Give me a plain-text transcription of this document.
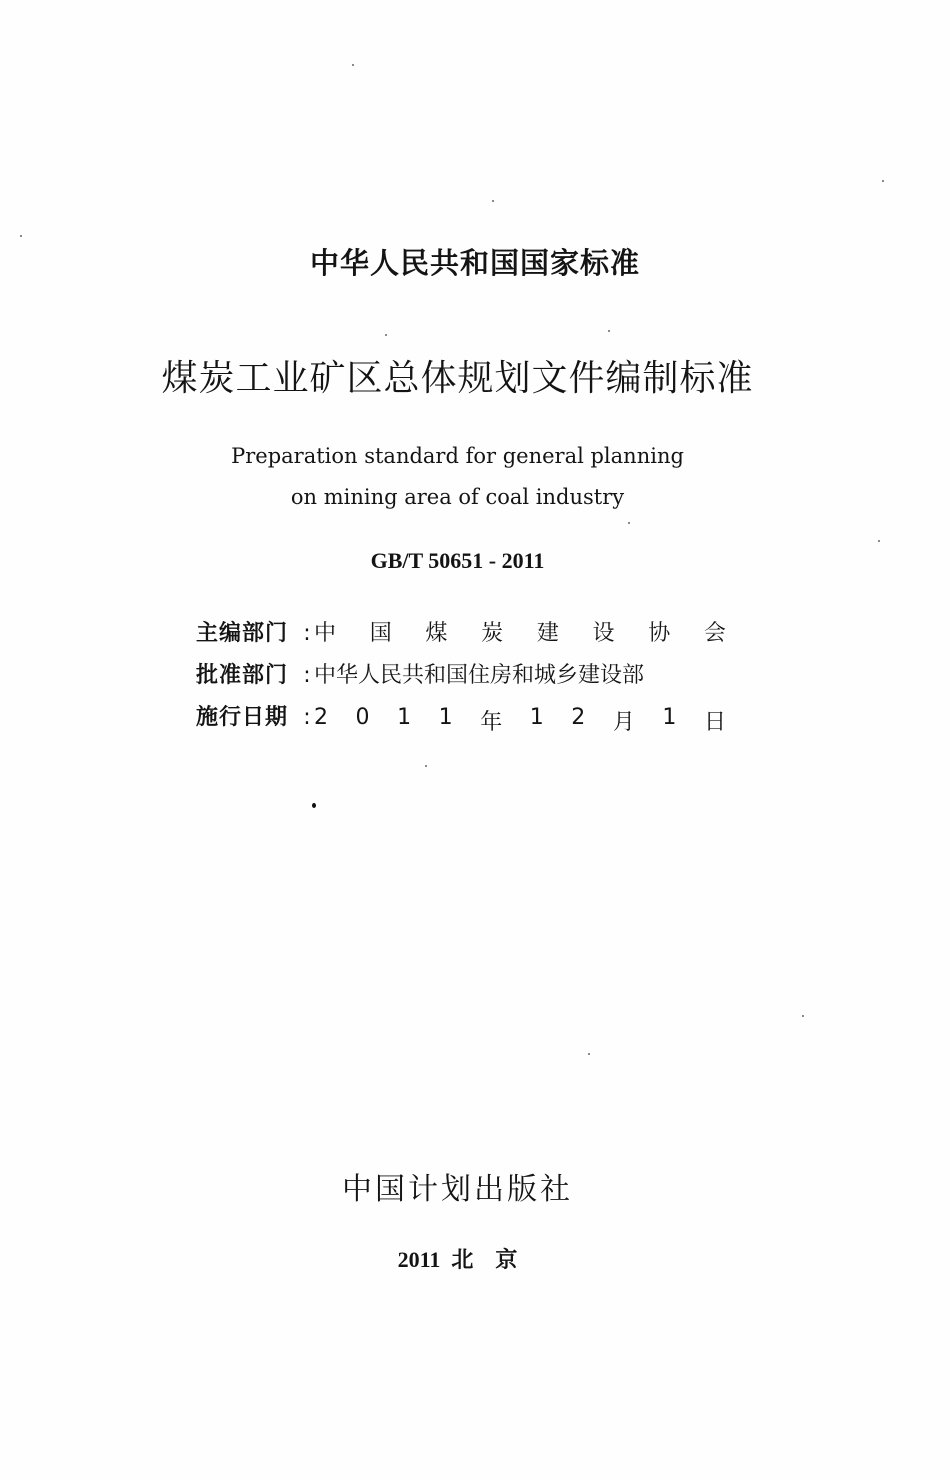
中华人民共和国国家标准
煤炭工业矿区总体规划文件编制标准
Preparation standard for general planning
on mining area of coal industry
GB/T 50651 - 2011
主编部门 : 中 国 煤 炭 建 设 协 会
批准部门 : 中华人民共和国住房和城乡建设部
施行日期 : 2 0 1 1 年 1 2 月 1 日
中国计划出版社
2011  北    京
